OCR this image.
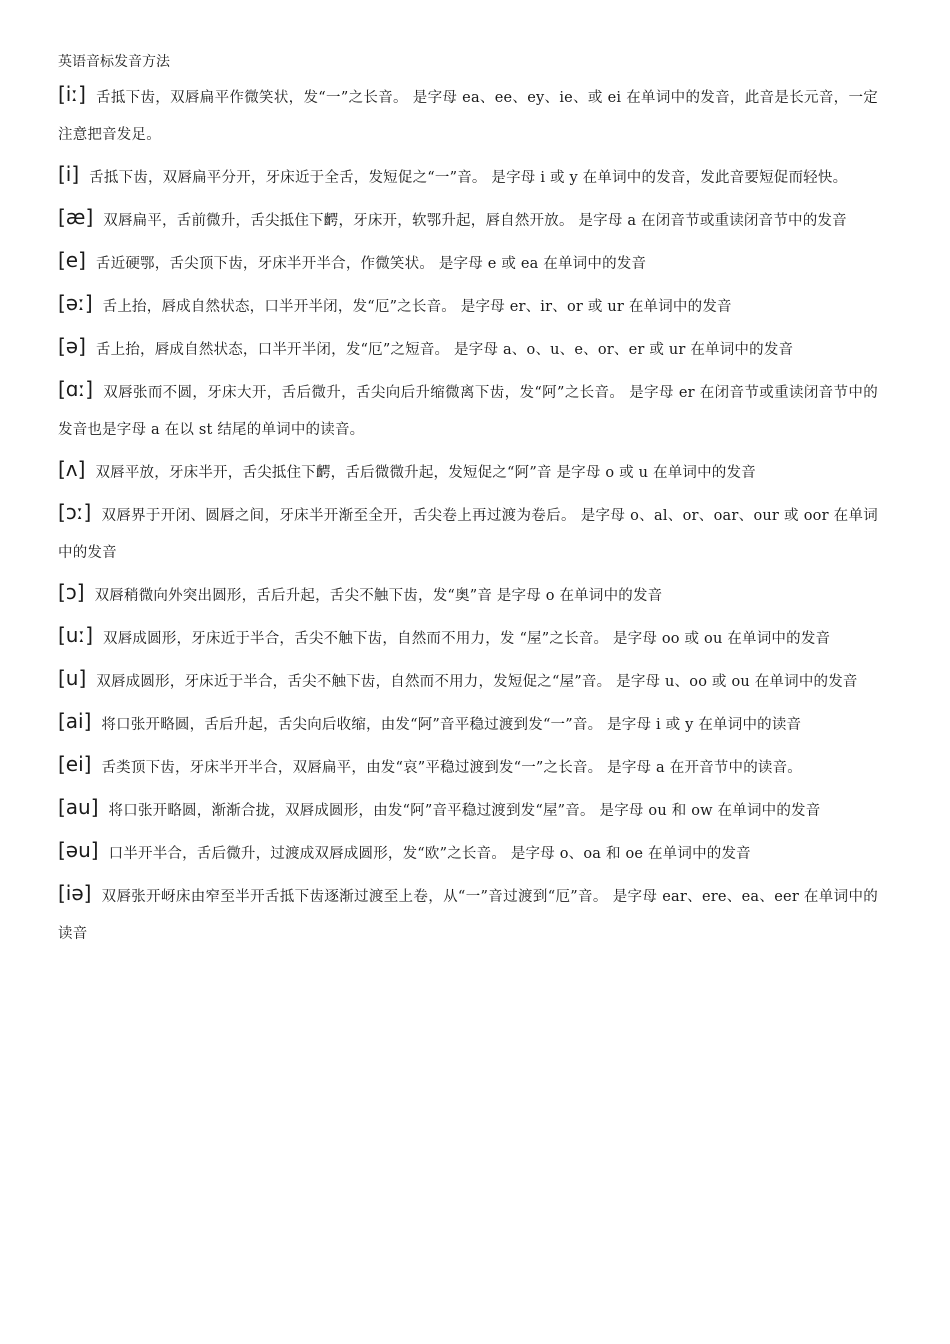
英语音标发音方法

[iː] 舌抵下齿，双唇扁平作微笑状，发“一”之长音。 是字母 ea、ee、ey、ie、或 ei 在单词中的发音，此音是长元音，一定注意把音发足。

[i] 舌抵下齿，双唇扁平分开，牙床近于全舌，发短促之“一”音。 是字母 i 或 y 在单词中的发音，发此音要短促而轻快。

[æ] 双唇扁平，舌前微升，舌尖抵住下齶，牙床开，软鄂升起，唇自然开放。 是字母 a 在闭音节或重读闭音节中的发音

[e] 舌近硬鄂，舌尖顶下齿，牙床半开半合，作微笑状。 是字母 e 或 ea 在单词中的发音

[əː] 舌上抬，唇成自然状态，口半开半闭，发“厄”之长音。 是字母 er、ir、or 或 ur 在单词中的发音

[ə] 舌上抬，唇成自然状态，口半开半闭，发“厄”之短音。 是字母 a、o、u、e、or、er 或 ur 在单词中的发音

[ɑː] 双唇张而不圆，牙床大开，舌后微升，舌尖向后升缩微离下齿，发“阿”之长音。 是字母 er 在闭音节或重读闭音节中的发音也是字母 a 在以 st 结尾的单词中的读音。

[ʌ] 双唇平放，牙床半开，舌尖抵住下齶，舌后微微升起，发短促之“阿”音 是字母 o 或 u 在单词中的发音

[ɔː] 双唇界于开闭、圆唇之间，牙床半开渐至全开，舌尖卷上再过渡为卷后。 是字母 o、al、or、oar、our 或 oor 在单词中的发音

[ɔ] 双唇稍微向外突出圆形，舌后升起，舌尖不触下齿，发“奥”音 是字母 o 在单词中的发音

[uː] 双唇成圆形，牙床近于半合，舌尖不触下齿，自然而不用力，发 “屋”之长音。 是字母 oo 或 ou 在单词中的发音

[u] 双唇成圆形，牙床近于半合，舌尖不触下齿，自然而不用力，发短促之“屋”音。 是字母 u、oo 或 ou 在单词中的发音

[ai] 将口张开略圆，舌后升起，舌尖向后收缩，由发“阿”音平稳过渡到发“一”音。 是字母 i 或 y 在单词中的读音

[ei] 舌类顶下齿，牙床半开半合，双唇扁平，由发“哀”平稳过渡到发“一”之长音。 是字母 a 在开音节中的读音。

[au] 将口张开略圆，渐渐合拢，双唇成圆形，由发“阿”音平稳过渡到发“屋”音。 是字母 ou 和 ow 在单词中的发音

[əu] 口半开半合，舌后微升，过渡成双唇成圆形，发“欧”之长音。 是字母 o、oa 和 oe 在单词中的发音

[iə] 双唇张开岈床由窄至半开舌抵下齿逐渐过渡至上卷，从“一”音过渡到“厄”音。 是字母 ear、ere、ea、eer 在单词中的读音
